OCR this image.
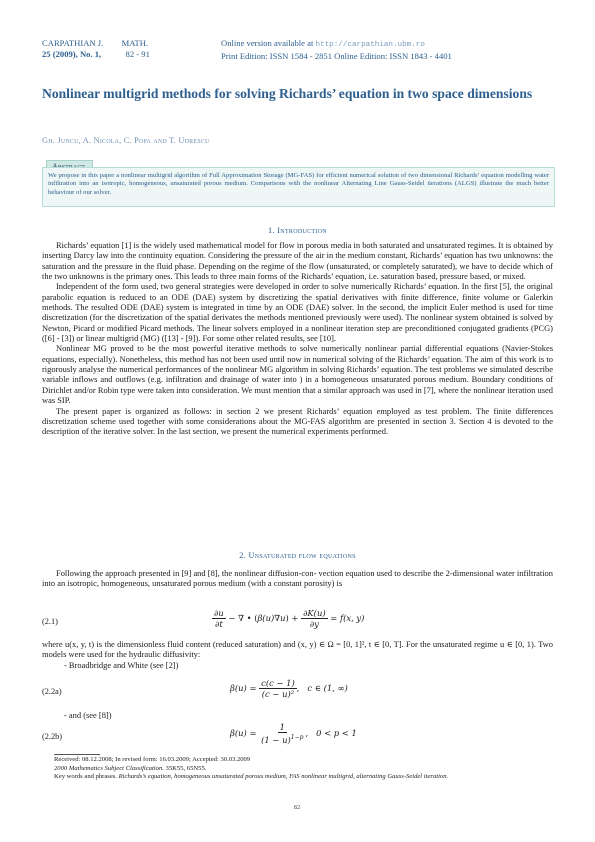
CARPATHIAN J. MATH.
25 (2009), No. 1,	82 - 91
Online version available at http://carpathian.ubm.ro
Print Edition: ISSN 1584 - 2851 Online Edition: ISSN 1843 - 4401
Nonlinear multigrid methods for solving Richards’ equation in two space dimensions
Gh. Juncu, A. Nicola, C. Popa and T. Udrescu
We propose in this paper a nonlinear multigrid algorithm of Full Approximation Storage (MG-FAS) for efficient numerical solution of two dimensional Richards’ equation modelling water infiltration into an isotropic, homogeneous, unsaturated porous medium. Comparisons with the nonlinear Alternating Line Gauss-Seidel iterations (ALGS) illustrate the much better behaviour of our solver.
1. Introduction

Richards’ equation [1] is the widely used mathematical model for flow in porous media in both saturated and unsaturated regimes. It is obtained by inserting Darcy law into the continuity equation. Considering the pressure of the air in the medium constant, Richards’ equation has two unknowns: the saturation and the pressure in the fluid phase. Depending on the regime of the flow (unsaturated, or completely saturated), we have to decide which of the two unknowns is the primary ones. This leads to three main forms of the Richards’ equation, i.e. saturation based, pressure based, or mixed.

Independent of the form used, two general strategies were developed in order to solve numerically Richards’ equation. In the first [5], the original parabolic equation is reduced to an ODE (DAE) system by discretizing the spatial derivatives with finite difference, finite volume or Galerkin methods. The resulted ODE (DAE) system is integrated in time by an ODE (DAE) solver. In the second, the implicit Euler method is used for time discretization (for the discretization of the spatial derivates the methods mentioned previously were used). The nonlinear system obtained is solved by Newton, Picard or modified Picard methods. The linear solvers employed in a nonlinear iteration step are preconditioned conjugated gradients (PCG) ([6] - [3]) or linear multigrid (MG) ([13] - [9]). For some other related results, see [10].

Nonlinear MG proved to be the most powerful iterative methods to solve numerically nonlinear partial differential equations (Navier-Stokes equations, especially). Nonetheless, this method has not been used until now in numerical solving of the Richards’ equation. The aim of this work is to rigorously analyse the numerical performances of the nonlinear MG algorithm in solving Richards’ equation. The test problems we simulated describe variable inflows and outflows (e.g. infiltration and drainage of water into ) in a homogeneous unsaturated porous medium. Boundary conditions of Dirichlet and/or Robin type were taken into consideration. We must mention that a similar approach was used in [7], where the nonlinear iteration used was SIP.

The present paper is organized as follows: in section 2 we present Richards’ equation employed as test problem. The finite differences discretization scheme used together with some considerations about the MG-FAS algorithm are presented in section 3. Section 4 is devoted to the description of the iterative solver. In the last section, we present the numerical experiments performed.

2. Unsaturated flow equations

Following the approach presented in [9] and [8], the nonlinear diffusion-con- vection equation used to describe the 2-dimensional water infiltration into an isotropic, homogeneous, unsaturated porous medium (with a constant porosity) is

(2.1)	$\frac{\partial u}{\partial t}$ − ∇ • $(\beta(u)\nabla u) + \frac{\partial K(u)}{\partial y} = f(x$, y)
where u(x, y, t) is the dimensionless fluid content (reduced saturation) and (x, y) ∈ Ω = [0, 1]², t ∈ [0, T]. For the unsaturated regime u ∈ [0, 1). Two models were used for the hydraulic diffusivity:
- Broadbridge and White (see [2])
(2.2a)	$\beta(u) = \frac{c(c - 1)}{\text{(c − u)²}}$ , c ∈ (1, ∞)
- and (see [8])
(2.2b)	$\beta(u) = \frac{1}{(1 - u)^{1-p}}$ , 0 < p < 1
Received: 08.12.2008; In revised form: 16.03.2009; Accepted: 30.03.2009
2000 Mathematics Subject Classification. 35K55, 65N55.
Key words and phrases. Richards’s equation, homogeneous unsaturated porous medium, FAS nonlinear multigrid, alternating Gauss-Seidel iteration.
82
